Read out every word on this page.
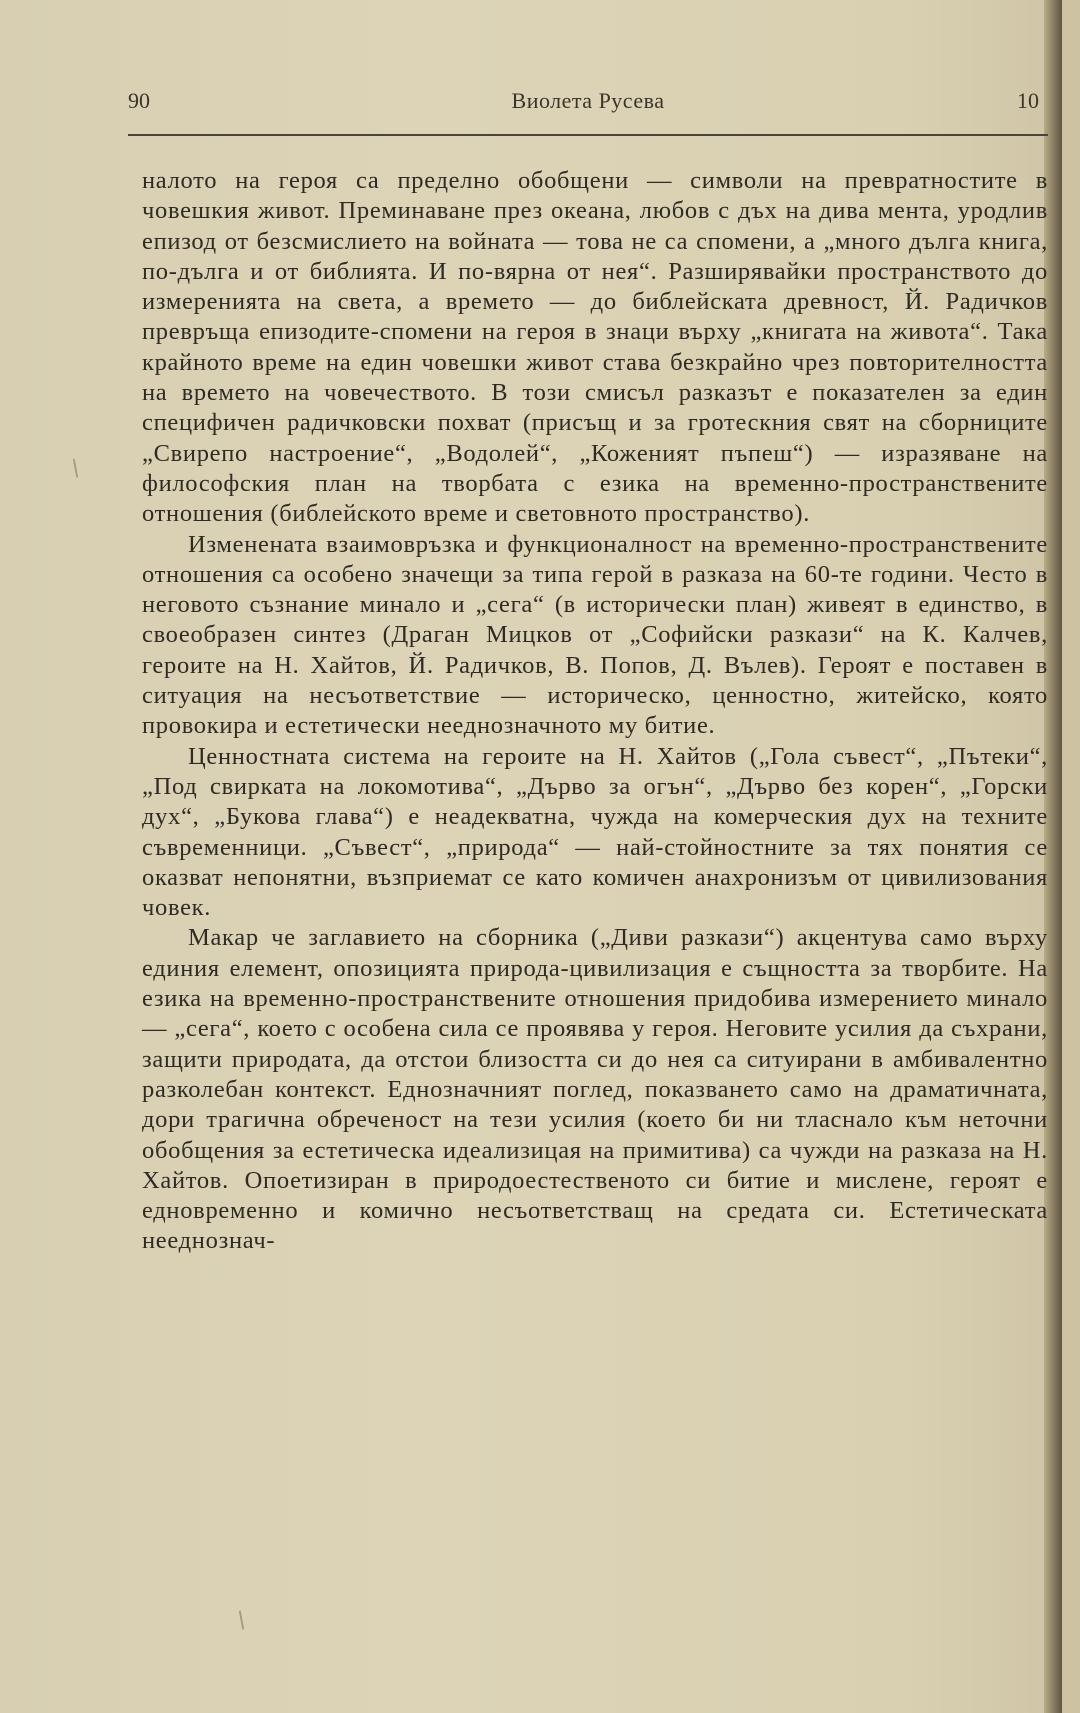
90	Виолета Русева	10

налото на героя са пределно обобщени — символи на превратностите в човешкия живот. Преминаване през океана, любов с дъх на дива мента, уродлив епизод от безсмислието на войната — това не са спомени, а „много дълга книга, по-дълга и от библията. И по-вярна от нея“. Разширявайки пространството до измеренията на света, а времето — до библейската древност, Й. Радичков превръща епизодите-спомени на героя в знаци върху „книгата на живота“. Така крайното време на един човешки живот става безкрайно чрез повторителността на времето на човечеството. В този смисъл разказът е показателен за един специфичен радичковски похват (присъщ и за гротескния свят на сборниците „Свирепо настроение“, „Водолей“, „Кожeният пъпеш“) — изразяване на философския план на творбата с езика на временно-пространствените отношения (библейското време и световното пространство).

Изменената взаимовръзка и функционалност на временно-пространствените отношения са особено значещи за типа герой в разказа на 60-те години. Често в неговото съзнание минало и „сега“ (в исторически план) живеят в единство, в своеобразен синтез (Драган Мицков от „Софийски разкази“ на К. Калчев, героите на Н. Хайтов, Й. Радичков, В. Попов, Д. Вълев). Героят е поставен в ситуация на несъответствие — историческо, ценностно, житейско, която провокира и естетически нееднозначното му битие.

Ценностната система на героите на Н. Хайтов („Гола съвест“, „Пътеки“, „Под свирката на локомотива“, „Дърво за огън“, „Дърво без корен“, „Горски дух“, „Букова глава“) е неадекватна, чужда на комерческия дух на техните съвременници. „Съвест“, „природа“ — най-стойностните за тях понятия се оказват непонятни, възприемат се като комичен анахронизъм от цивилизования човек.

Макар че заглавието на сборника („Диви разкази“) акцентува само върху единия елемент, опозицията природа-цивилизация е същността за творбите. На езика на временно-пространствените отношения придобива измерението минало — „сега“, което с особена сила се проявява у героя. Неговите усилия да съхрани, защити природата, да отстои близостта си до нея са ситуирани в амбивалентно разколебан контекст. Еднозначният поглед, показването само на драматичната, дори трагична обреченост на тези усилия (което би ни тласнало към неточни обобщения за естетическа идеализицая на примитива) са чужди на разказа на Н. Хайтов. Опоетизиран в природоестественото си битие и мислене, героят е едновременно и комично несъответстващ на средата си. Естетическата нееднознач-

/
/
